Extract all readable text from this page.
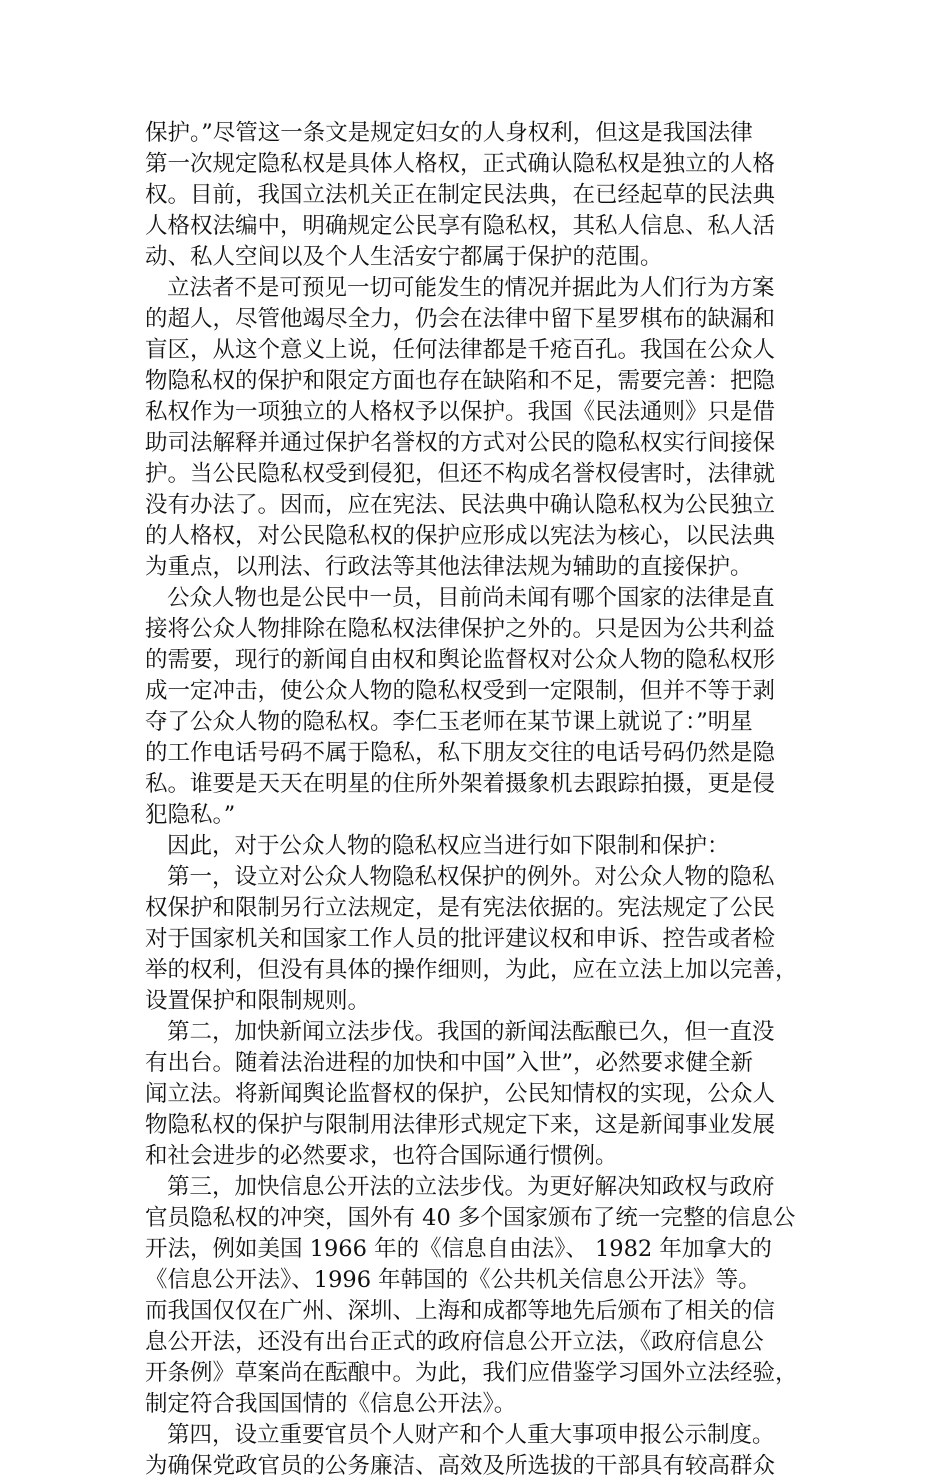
保护。”尽管这一条文是规定妇女的人身权利，但这是我国法律
第一次规定隐私权是具体人格权，正式确认隐私权是独立的人格
权。目前，我国立法机关正在制定民法典，在已经起草的民法典
人格权法编中，明确规定公民享有隐私权，其私人信息、私人活
动、私人空间以及个人生活安宁都属于保护的范围。
立法者不是可预见一切可能发生的情况并据此为人们行为方案
的超人，尽管他竭尽全力，仍会在法律中留下星罗棋布的缺漏和
盲区，从这个意义上说，任何法律都是千疮百孔。我国在公众人
物隐私权的保护和限定方面也存在缺陷和不足，需要完善：把隐
私权作为一项独立的人格权予以保护。我国《民法通则》只是借
助司法解释并通过保护名誉权的方式对公民的隐私权实行间接保
护。当公民隐私权受到侵犯，但还不构成名誉权侵害时，法律就
没有办法了。因而，应在宪法、民法典中确认隐私权为公民独立
的人格权，对公民隐私权的保护应形成以宪法为核心，以民法典
为重点，以刑法、行政法等其他法律法规为辅助的直接保护。
公众人物也是公民中一员，目前尚未闻有哪个国家的法律是直
接将公众人物排除在隐私权法律保护之外的。只是因为公共利益
的需要，现行的新闻自由权和舆论监督权对公众人物的隐私权形
成一定冲击，使公众人物的隐私权受到一定限制，但并不等于剥
夺了公众人物的隐私权。李仁玉老师在某节课上就说了：”明星
的工作电话号码不属于隐私，私下朋友交往的电话号码仍然是隐
私。谁要是天天在明星的住所外架着摄象机去跟踪拍摄，更是侵
犯隐私。”
因此，对于公众人物的隐私权应当进行如下限制和保护：
第一，设立对公众人物隐私权保护的例外。对公众人物的隐私
权保护和限制另行立法规定，是有宪法依据的。宪法规定了公民
对于国家机关和国家工作人员的批评建议权和申诉、控告或者检
举的权利，但没有具体的操作细则，为此，应在立法上加以完善，
设置保护和限制规则。
第二，加快新闻立法步伐。我国的新闻法酝酿已久，但一直没
有出台。随着法治进程的加快和中国”入世”，必然要求健全新
闻立法。将新闻舆论监督权的保护，公民知情权的实现，公众人
物隐私权的保护与限制用法律形式规定下来，这是新闻事业发展
和社会进步的必然要求，也符合国际通行惯例。
第三，加快信息公开法的立法步伐。为更好解决知政权与政府
官员隐私权的冲突，国外有 40 多个国家颁布了统一完整的信息公
开法，例如美国 1966 年的《信息自由法》、 1982 年加拿大的
《信息公开法》、1996 年韩国的《公共机关信息公开法》等。
而我国仅仅在广州、深圳、上海和成都等地先后颁布了相关的信
息公开法，还没有出台正式的政府信息公开立法，《政府信息公
开条例》草案尚在酝酿中。为此，我们应借鉴学习国外立法经验，
制定符合我国国情的《信息公开法》。
第四，设立重要官员个人财产和个人重大事项申报公示制度。
为确保党政官员的公务廉洁、高效及所选拔的干部具有较高群众
